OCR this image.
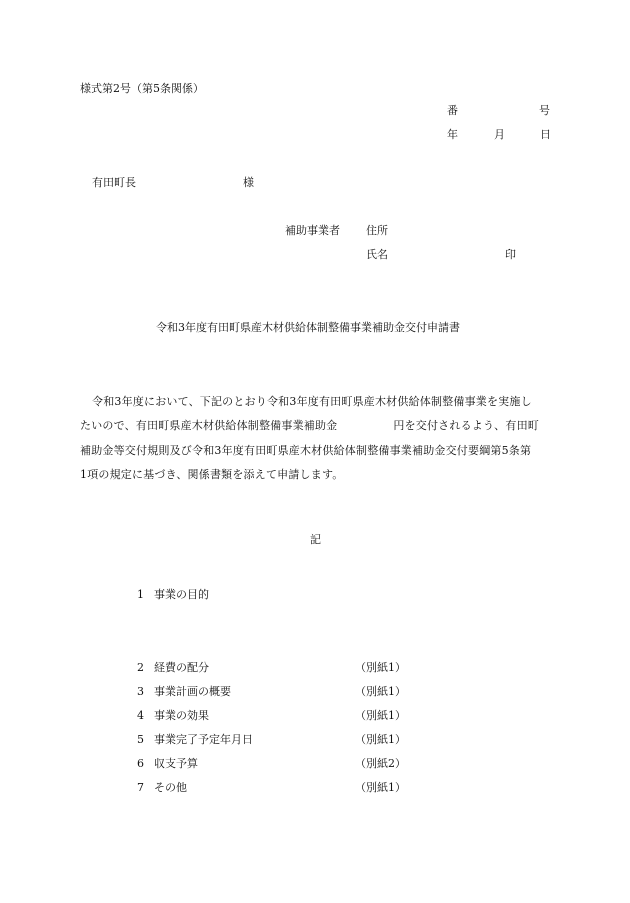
様式第2号（第5条関係）
番	号
年	月	日
有田町長	様
補助事業者 住所
氏名	印
令和3年度有田町県産木材供給体制整備事業補助金交付申請書
令和3年度において、下記のとおり令和3年度有田町県産木材供給体制整備事業を実施し
たいので、有田町県産木材供給体制整備事業補助金　　　　　円を交付されるよう、有田町
補助金等交付規則及び令和3年度有田町県産木材供給体制整備事業補助金交付要綱第5条第
1項の規定に基づき、関係書類を添えて申請します。
記
1 事業の目的
2 経費の配分	（別紙1）
3 事業計画の概要	（別紙1）
4 事業の効果	（別紙1）
5 事業完了予定年月日	（別紙1）
6 収支予算	（別紙2）
7 その他	（別紙1）
